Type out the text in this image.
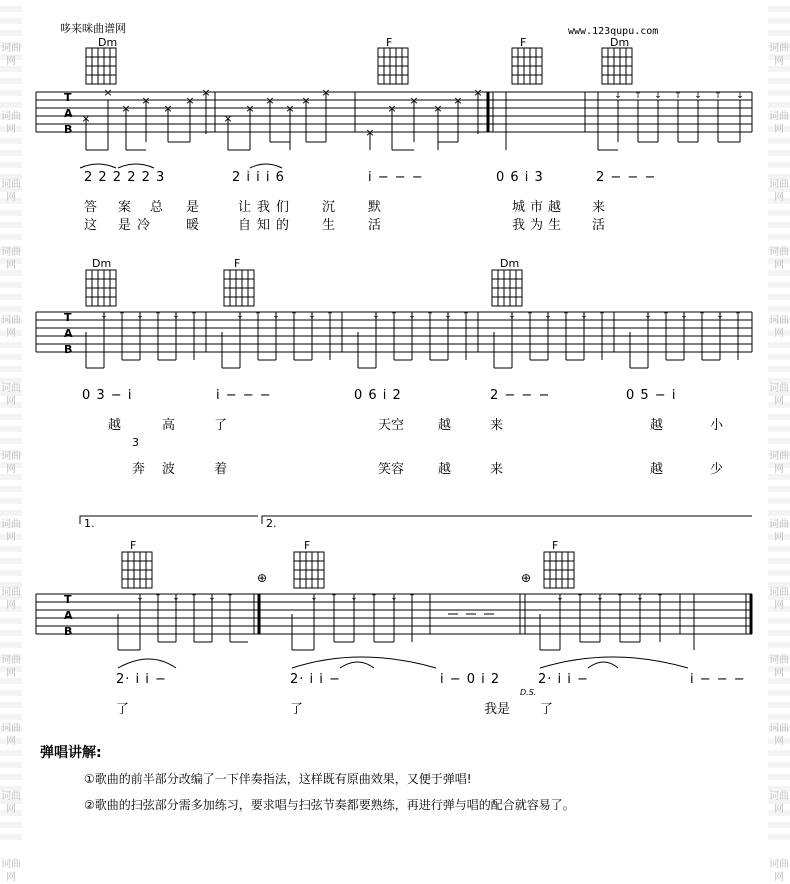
词曲网
词曲网
词曲网
词曲网
词曲网
词曲网
词曲网
词曲网
词曲网
词曲网
词曲网
词曲网
词曲网
词曲网
词曲网
词曲网
词曲网
词曲网
词曲网
词曲网
词曲网
词曲网
词曲网
词曲网
词曲网
词曲网
哆来咪曲谱网	www.123qupu.com
×
×
×
×
×
×
×
×
×
×
×
×
×
×
×
×
×
×
×	↓ ↑ ↓ ↑ ↓ ↑ ↓
T
A
B
T
A
B
↓ ↑ ↓ ↑ ↓ ↑	↓ ↑ ↓ ↑ ↓ ↑	↓ ↑ ↓ ↑ ↓ ↑	↓ ↑ ↓ ↑ ↓ ↑	↓ ↑ ↓ ↑ ↓ ↑
T
A
B
↓ ↑ ↓ ↑ ↓ ↑	↓ ↑ ↓ ↑ ↓ ↑	↓ ↑ ↓ ↑ ↓ ↑
⊕	⊕
Dm	F	F	Dm
Dm	F	Dm
F	F	F
2 2 2 2 2 3	2 i i i 6	i − − −	0 6 i 3	2 − − −
答 案 总 是	让我们 沉	默	城市越 来
这 是冷 暖	自知的 生	活	我为生 活
0 3 − i	i − − −	0 6 i 2	2 − − −	0 5 − i
越	高	了	天空	越	来	越	小
3
奔 波	着	笑容	越	来	越	少
1.	2.
2· i i −	2· i i −	i − 0 i 2	2· i i −	i − − −
D.S.
了	了	我是 了
弹唱讲解:
①歌曲的前半部分改编了一下伴奏指法，这样既有原曲效果，又便于弹唱!
②歌曲的扫弦部分需多加练习，要求唱与扫弦节奏都要熟练，再进行弹与唱的配合就容易了。
